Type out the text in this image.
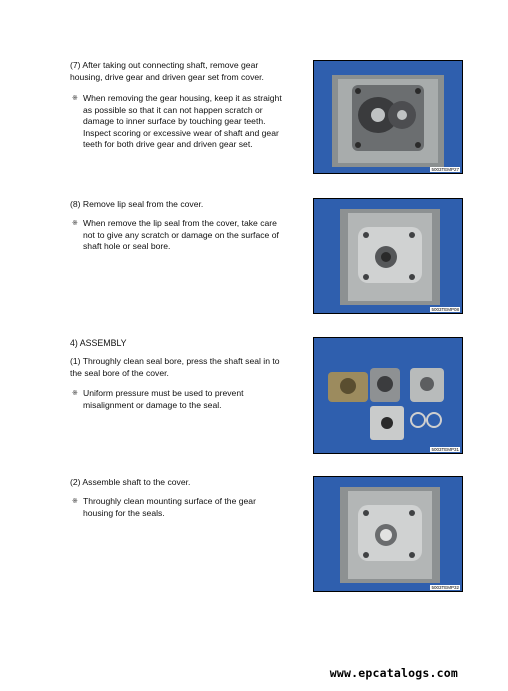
(7) After taking out connecting shaft, remove gear housing, drive gear and driven gear set from cover.

※ When removing the gear housing, keep it as straight as possible so that it can not happen scratch or damage to inner surface by touching gear teeth.

Inspect scoring or excessive wear of shaft and gear teeth for both drive gear and driven gear set.

5003TEMP27

(8) Remove lip seal from the cover.

※ When remove the lip seal from the cover, take care not to give any scratch or damage on the surface of shaft hole or seal bore.

5003TEMP08
4) ASSEMBLY

(1) Throughly clean seal bore, press the shaft seal in to the seal bore of the cover.

※ Uniform pressure must be used to prevent misalignment or damage to the seal.

5003TEMP31

(2) Assemble shaft to the cover.

※ Throughly clean mounting surface of the gear housing for the seals.

5003TEMP32
www.epcatalogs.com
